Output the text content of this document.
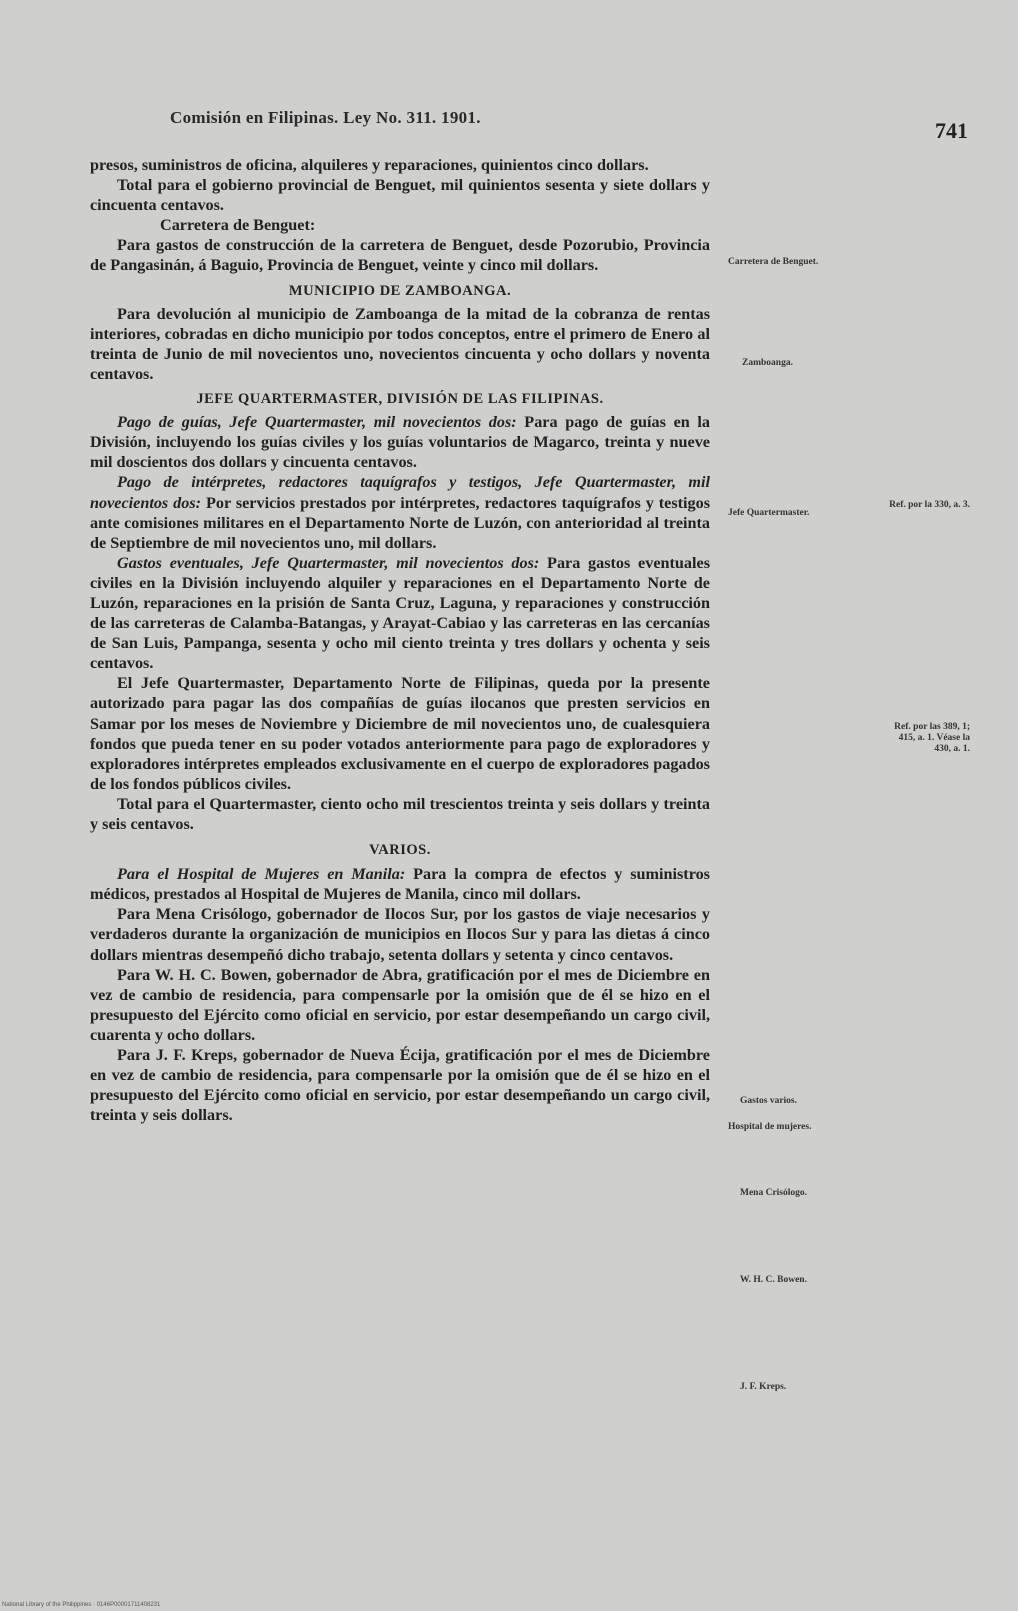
Comisión en Filipinas. Ley No. 311. 1901.
741

presos, suministros de oficina, alquileres y reparaciones, quinientos cinco dollars.

Total para el gobierno provincial de Benguet, mil quinientos sesenta y siete dollars y cincuenta centavos.

Carretera de Benguet:

Para gastos de construcción de la carretera de Benguet, desde Pozorubio, Provincia de Pangasinán, á Baguio, Provincia de Benguet, veinte y cinco mil dollars.

MUNICIPIO DE ZAMBOANGA.

Para devolución al municipio de Zamboanga de la mitad de la cobranza de rentas interiores, cobradas en dicho municipio por todos conceptos, entre el primero de Enero al treinta de Junio de mil novecientos uno, novecientos cincuenta y ocho dollars y noventa centavos.

JEFE QUARTERMASTER, DIVISIÓN DE LAS FILIPINAS.

Pago de guías, Jefe Quartermaster, mil novecientos dos: Para pago de guías en la División, incluyendo los guías civiles y los guías voluntarios de Magarco, treinta y nueve mil doscientos dos dollars y cincuenta centavos.

Pago de intérpretes, redactores taquígrafos y testigos, Jefe Quartermaster, mil novecientos dos: Por servicios prestados por intérpretes, redactores taquígrafos y testigos ante comisiones militares en el Departamento Norte de Luzón, con anterioridad al treinta de Septiembre de mil novecientos uno, mil dollars.

Gastos eventuales, Jefe Quartermaster, mil novecientos dos: Para gastos eventuales civiles en la División incluyendo alquiler y reparaciones en el Departamento Norte de Luzón, reparaciones en la prisión de Santa Cruz, Laguna, y reparaciones y construcción de las carreteras de Calamba-Batangas, y Arayat-Cabiao y las carreteras en las cercanías de San Luis, Pampanga, sesenta y ocho mil ciento treinta y tres dollars y ochenta y seis centavos.

El Jefe Quartermaster, Departamento Norte de Filipinas, queda por la presente autorizado para pagar las dos compañías de guías ilocanos que presten servicios en Samar por los meses de Noviembre y Diciembre de mil novecientos uno, de cualesquiera fondos que pueda tener en su poder votados anteriormente para pago de exploradores y exploradores intérpretes empleados exclusivamente en el cuerpo de exploradores pagados de los fondos públicos civiles.

Total para el Quartermaster, ciento ocho mil trescientos treinta y seis dollars y treinta y seis centavos.

VARIOS.

Para el Hospital de Mujeres en Manila: Para la compra de efectos y suministros médicos, prestados al Hospital de Mujeres de Manila, cinco mil dollars.

Para Mena Crisólogo, gobernador de Ilocos Sur, por los gastos de viaje necesarios y verdaderos durante la organización de municipios en Ilocos Sur y para las dietas á cinco dollars mientras desempeñó dicho trabajo, setenta dollars y setenta y cinco centavos.

Para W. H. C. Bowen, gobernador de Abra, gratificación por el mes de Diciembre en vez de cambio de residencia, para compensarle por la omisión que de él se hizo en el presupuesto del Ejército como oficial en servicio, por estar desempeñando un cargo civil, cuarenta y ocho dollars.

Para J. F. Kreps, gobernador de Nueva Écija, gratificación por el mes de Diciembre en vez de cambio de residencia, para compensarle por la omisión que de él se hizo en el presupuesto del Ejército como oficial en servicio, por estar desempeñando un cargo civil, treinta y seis dollars.

Carretera de Benguet.
Zamboanga.
Jefe Quartermaster.
Ref. por la 330, a. 3.
Ref. por las 389, 1; 415, a. 1. Véase la 430, a. 1.
Gastos varios.
Hospital de mujeres.
Mena Crisólogo.
W. H. C. Bowen.
J. F. Kreps.
National Library of the Philippines · 0146P00001711408231
